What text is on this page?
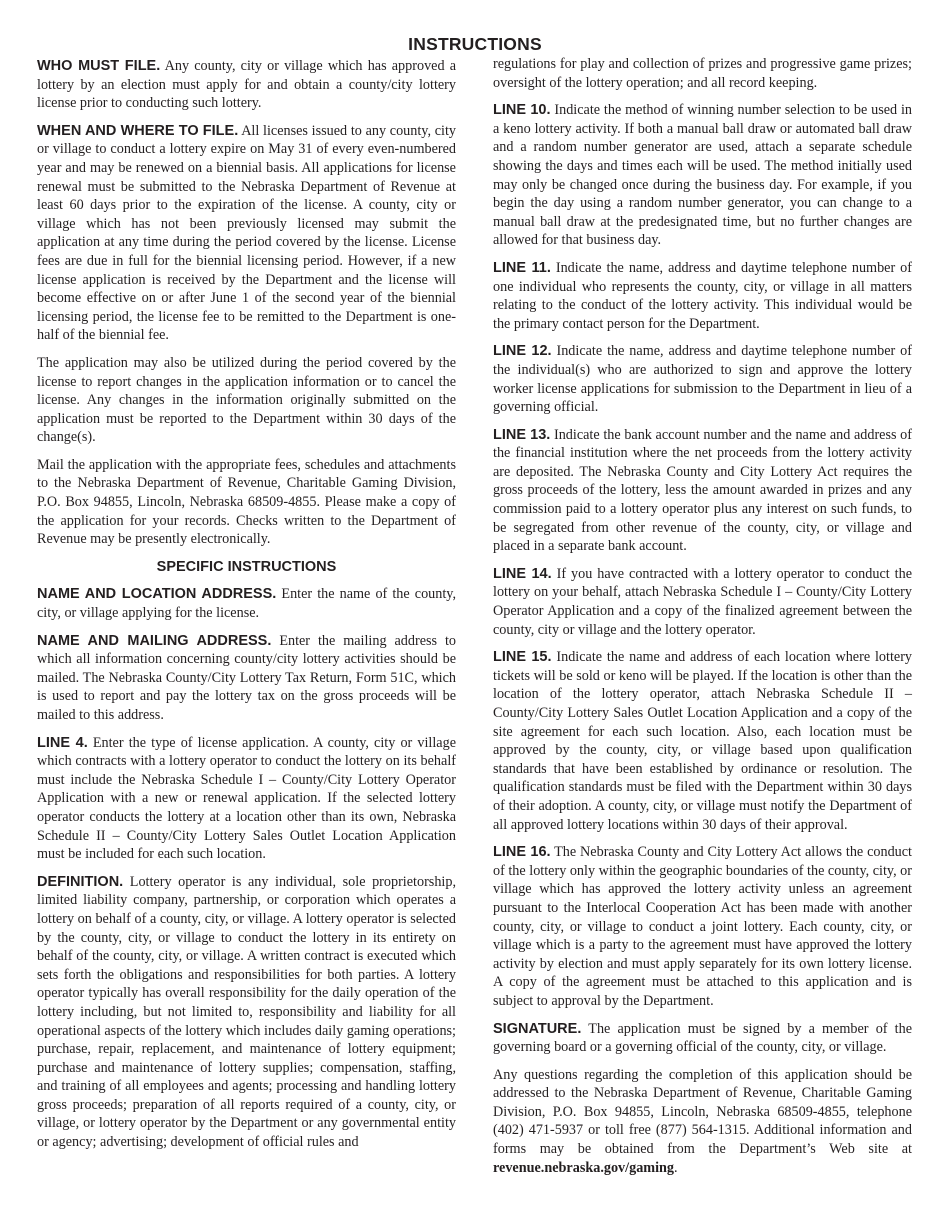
INSTRUCTIONS

WHO MUST FILE. Any county, city or village which has approved a lottery by an election must apply for and obtain a county/city lottery license prior to conducting such lottery.

WHEN AND WHERE TO FILE. All licenses issued to any county, city or village to conduct a lottery expire on May 31 of every even-numbered year and may be renewed on a biennial basis. All applications for license renewal must be submitted to the Nebraska Department of Revenue at least 60 days prior to the expiration of the license. A county, city or village which has not been previously licensed may submit the application at any time during the period covered by the license. License fees are due in full for the biennial licensing period. However, if a new license application is received by the Department and the license will become effective on or after June 1 of the second year of the biennial licensing period, the license fee to be remitted to the Department is one-half of the biennial fee.

The application may also be utilized during the period covered by the license to report changes in the application information or to cancel the license. Any changes in the information originally submitted on the application must be reported to the Department within 30 days of the change(s).

Mail the application with the appropriate fees, schedules and attachments to the Nebraska Department of Revenue, Charitable Gaming Division, P.O. Box 94855, Lincoln, Nebraska 68509-4855. Please make a copy of the application for your records. Checks written to the Department of Revenue may be presently electronically.

SPECIFIC INSTRUCTIONS

NAME AND LOCATION ADDRESS. Enter the name of the county, city, or village applying for the license.

NAME AND MAILING ADDRESS. Enter the mailing address to which all information concerning county/city lottery activities should be mailed. The Nebraska County/City Lottery Tax Return, Form 51C, which is used to report and pay the lottery tax on the gross proceeds will be mailed to this address.

LINE 4. Enter the type of license application. A county, city or village which contracts with a lottery operator to conduct the lottery on its behalf must include the Nebraska Schedule I – County/City Lottery Operator Application with a new or renewal application. If the selected lottery operator conducts the lottery at a location other than its own, Nebraska Schedule II – County/City Lottery Sales Outlet Location Application must be included for each such location.

DEFINITION. Lottery operator is any individual, sole proprietorship, limited liability company, partnership, or corporation which operates a lottery on behalf of a county, city, or village. A lottery operator is selected by the county, city, or village to conduct the lottery in its entirety on behalf of the county, city, or village. A written contract is executed which sets forth the obligations and responsibilities for both parties. A lottery operator typically has overall responsibility for the daily operation of the lottery including, but not limited to, responsibility and liability for all operational aspects of the lottery which includes daily gaming operations; purchase, repair, replacement, and maintenance of lottery equipment; purchase and maintenance of lottery supplies; compensation, staffing, and training of all employees and agents; processing and handling lottery gross proceeds; preparation of all reports required of a county, city, or village, or lottery operator by the Department or any governmental entity or agency; advertising; development of official rules and

regulations for play and collection of prizes and progressive game prizes; oversight of the lottery operation; and all record keeping.

LINE 10. Indicate the method of winning number selection to be used in a keno lottery activity. If both a manual ball draw or automated ball draw and a random number generator are used, attach a separate schedule showing the days and times each will be used. The method initially used may only be changed once during the business day. For example, if you begin the day using a random number generator, you can change to a manual ball draw at the predesignated time, but no further changes are allowed for that business day.

LINE 11. Indicate the name, address and daytime telephone number of one individual who represents the county, city, or village in all matters relating to the conduct of the lottery activity. This individual would be the primary contact person for the Department.

LINE 12. Indicate the name, address and daytime telephone number of the individual(s) who are authorized to sign and approve the lottery worker license applications for submission to the Department in lieu of a governing official.

LINE 13. Indicate the bank account number and the name and address of the financial institution where the net proceeds from the lottery activity are deposited. The Nebraska County and City Lottery Act requires the gross proceeds of the lottery, less the amount awarded in prizes and any commission paid to a lottery operator plus any interest on such funds, to be segregated from other revenue of the county, city, or village and placed in a separate bank account.

LINE 14. If you have contracted with a lottery operator to conduct the lottery on your behalf, attach Nebraska Schedule I – County/City Lottery Operator Application and a copy of the finalized agreement between the county, city or village and the lottery operator.

LINE 15. Indicate the name and address of each location where lottery tickets will be sold or keno will be played. If the location is other than the location of the lottery operator, attach Nebraska Schedule II – County/City Lottery Sales Outlet Location Application and a copy of the site agreement for each such location. Also, each location must be approved by the county, city, or village based upon qualification standards that have been established by ordinance or resolution. The qualification standards must be filed with the Department within 30 days of their adoption. A county, city, or village must notify the Department of all approved lottery locations within 30 days of their approval.

LINE 16. The Nebraska County and City Lottery Act allows the conduct of the lottery only within the geographic boundaries of the county, city, or village which has approved the lottery activity unless an agreement pursuant to the Interlocal Cooperation Act has been made with another county, city, or village to conduct a joint lottery. Each county, city, or village which is a party to the agreement must have approved the lottery activity by election and must apply separately for its own lottery license. A copy of the agreement must be attached to this application and is subject to approval by the Department.

SIGNATURE. The application must be signed by a member of the governing board or a governing official of the county, city, or village.

Any questions regarding the completion of this application should be addressed to the Nebraska Department of Revenue, Charitable Gaming Division, P.O. Box 94855, Lincoln, Nebraska 68509-4855, telephone (402) 471-5937 or toll free (877) 564-1315. Additional information and forms may be obtained from the Department’s Web site at revenue.nebraska.gov/gaming.
